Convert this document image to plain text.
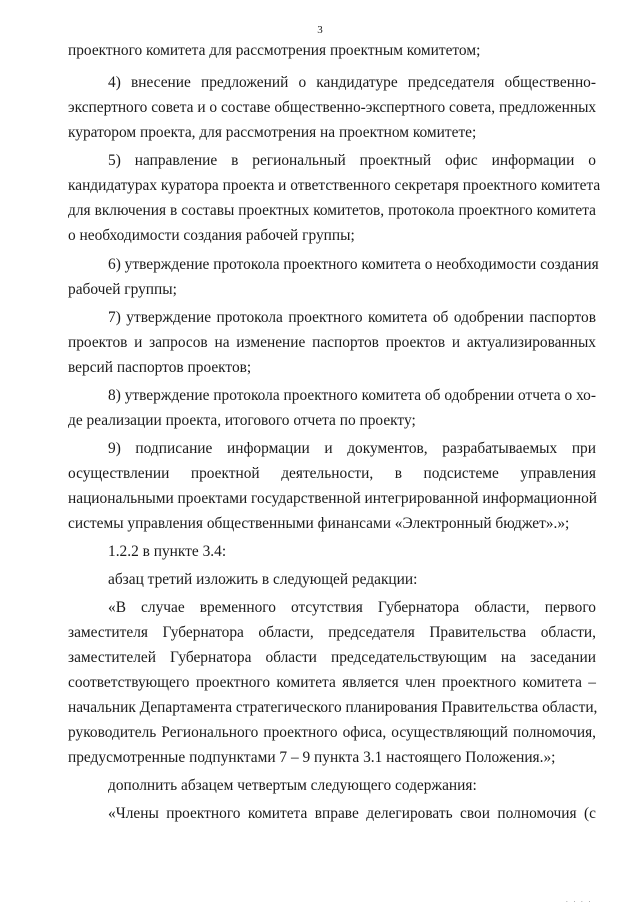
3
проектного комитета для рассмотрения проектным комитетом;
4) внесение предложений о кандидатуре председателя общественно-
экспертного совета и о составе общественно-экспертного совета, предложенных
куратором проекта, для рассмотрения на проектном комитете;
5) направление в региональный проектный офис информации о
кандидатурах куратора проекта и ответственного секретаря проектного комитета
для включения в составы проектных комитетов, протокола проектного комитета
о необходимости создания рабочей группы;
6) утверждение протокола проектного комитета о необходимости создания
рабочей группы;
7) утверждение протокола проектного комитета об одобрении паспортов
проектов и запросов на изменение паспортов проектов и актуализированных
версий паспортов проектов;
8) утверждение протокола проектного комитета об одобрении отчета о хо-
де реализации проекта, итогового отчета по проекту;
9) подписание информации и документов, разрабатываемых при
осуществлении проектной деятельности, в подсистеме управления
национальными проектами государственной интегрированной информационной
системы управления общественными финансами «Электронный бюджет».»;
1.2.2 в пункте 3.4:
абзац третий изложить в следующей редакции:
«В случае временного отсутствия Губернатора области, первого
заместителя Губернатора области, председателя Правительства области,
заместителей Губернатора области председательствующим на заседании
соответствующего проектного комитета является член проектного комитета –
начальник Департамента стратегического планирования Правительства области,
руководитель Регионального проектного офиса, осуществляющий полномочия,
предусмотренные подпунктами 7 – 9 пункта 3.1 настоящего Положения.»;
дополнить абзацем четвертым следующего содержания:
«Члены проектного комитета вправе делегировать свои полномочия (с
. . . .
